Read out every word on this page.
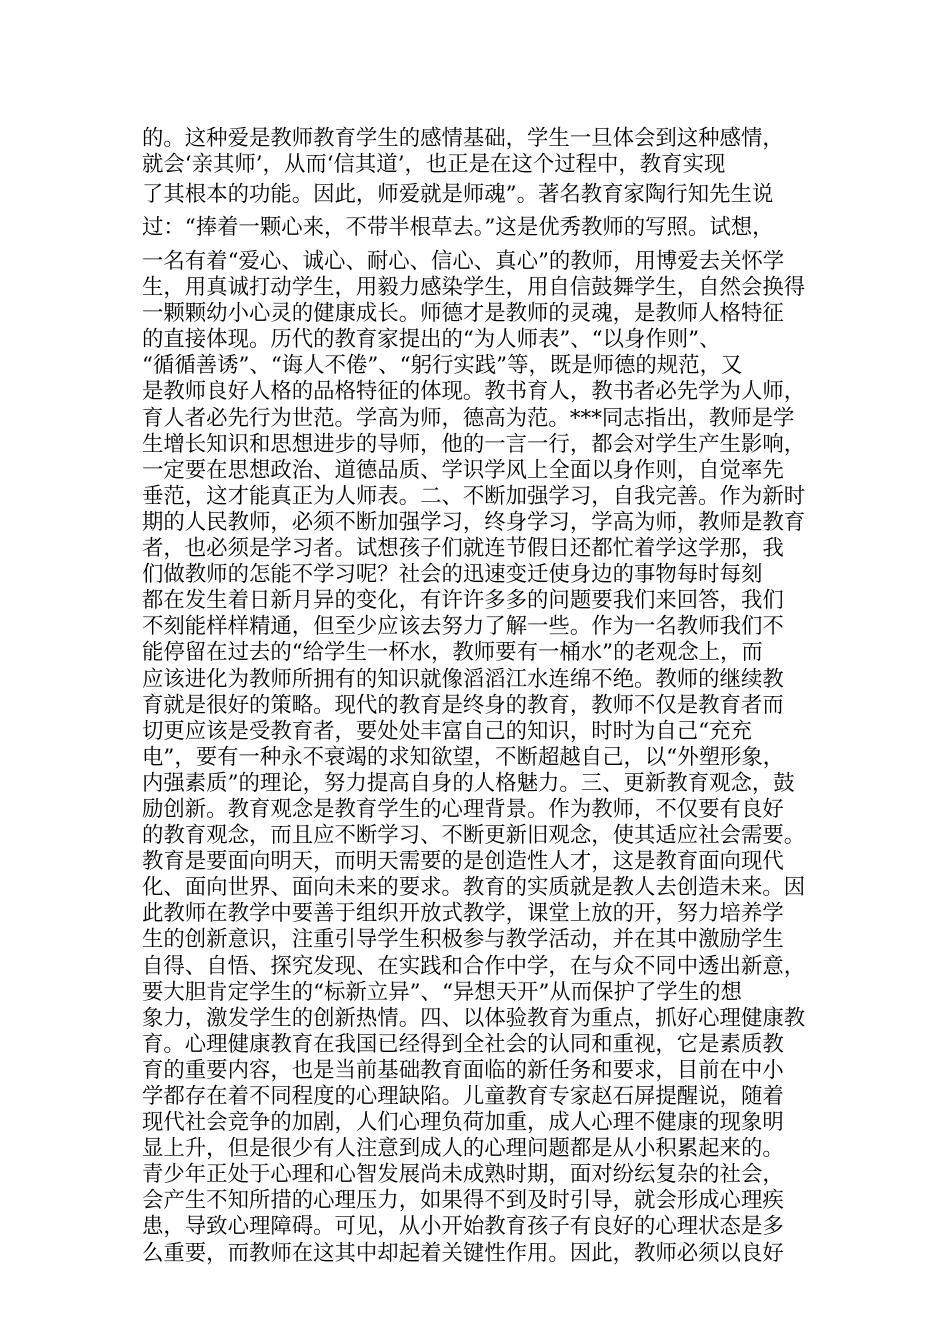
的。这种爱是教师教育学生的感情基础，学生一旦体会到这种感情，
就会‘亲其师’，从而‘信其道’，也正是在这个过程中，教育实现
了其根本的功能。因此，师爱就是师魂”。著名教育家陶行知先生说
过：“捧着一颗心来，不带半根草去。”这是优秀教师的写照。试想，
一名有着“爱心、诚心、耐心、信心、真心”的教师，用博爱去关怀学
生，用真诚打动学生，用毅力感染学生，用自信鼓舞学生，自然会换得
一颗颗幼小心灵的健康成长。师德才是教师的灵魂，是教师人格特征
的直接体现。历代的教育家提出的“为人师表”、“以身作则”、
“循循善诱”、“诲人不倦”、“躬行实践”等，既是师德的规范，又
是教师良好人格的品格特征的体现。教书育人，教书者必先学为人师，
育人者必先行为世范。学高为师，德高为范。***同志指出，教师是学
生增长知识和思想进步的导师，他的一言一行，都会对学生产生影响，
一定要在思想政治、道德品质、学识学风上全面以身作则，自觉率先
垂范，这才能真正为人师表。二、不断加强学习，自我完善。作为新时
期的人民教师，必须不断加强学习，终身学习，学高为师，教师是教育
者，也必须是学习者。试想孩子们就连节假日还都忙着学这学那，我
们做教师的怎能不学习呢？社会的迅速变迁使身边的事物每时每刻
都在发生着日新月异的变化，有许许多多的问题要我们来回答，我们
不刻能样样精通，但至少应该去努力了解一些。作为一名教师我们不
能停留在过去的“给学生一杯水，教师要有一桶水”的老观念上，而
应该进化为教师所拥有的知识就像滔滔江水连绵不绝。教师的继续教
育就是很好的策略。现代的教育是终身的教育，教师不仅是教育者而
切更应该是受教育者，要处处丰富自己的知识，时时为自己“充充
电”，要有一种永不衰竭的求知欲望，不断超越自己，以“外塑形象，
内强素质”的理论，努力提高自身的人格魅力。三、更新教育观念，鼓
励创新。教育观念是教育学生的心理背景。作为教师，不仅要有良好
的教育观念，而且应不断学习、不断更新旧观念，使其适应社会需要。
教育是要面向明天，而明天需要的是创造性人才，这是教育面向现代
化、面向世界、面向未来的要求。教育的实质就是教人去创造未来。因
此教师在教学中要善于组织开放式教学，课堂上放的开，努力培养学
生的创新意识，注重引导学生积极参与教学活动，并在其中激励学生
自得、自悟、探究发现、在实践和合作中学，在与众不同中透出新意，
要大胆肯定学生的“标新立异”、“异想天开”从而保护了学生的想
象力，激发学生的创新热情。四、以体验教育为重点，抓好心理健康教
育。心理健康教育在我国已经得到全社会的认同和重视，它是素质教
育的重要内容，也是当前基础教育面临的新任务和要求，目前在中小
学都存在着不同程度的心理缺陷。儿童教育专家赵石屏提醒说，随着
现代社会竞争的加剧，人们心理负荷加重，成人心理不健康的现象明
显上升，但是很少有人注意到成人的心理问题都是从小积累起来的。
青少年正处于心理和心智发展尚未成熟时期，面对纷纭复杂的社会，
会产生不知所措的心理压力，如果得不到及时引导，就会形成心理疾
患，导致心理障碍。可见，从小开始教育孩子有良好的心理状态是多
么重要，而教师在这其中却起着关键性作用。因此，教师必须以良好
